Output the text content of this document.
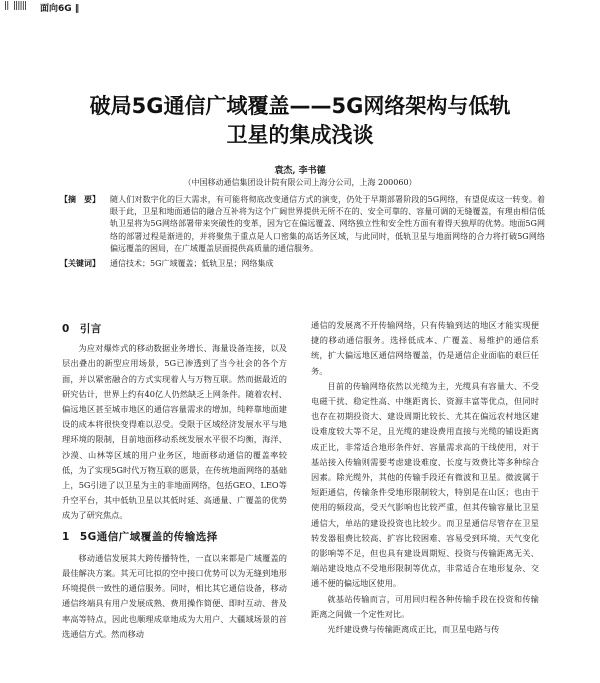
‖ ‖‖‖ 面向6G ‖
破局5G通信广域覆盖——5G网络架构与低轨
卫星的集成浅谈
袁杰, 李书德
（中国移动通信集团设计院有限公司上海分公司，上海 200060）
【摘　要】	随人们对数字化的巨大需求，有可能将彻底改变通信方式的演变，仍处于早期部署阶段的5G网络，有望促成这一转变。着眼于此，卫星和地面通信的融合互补将为这个广阔世界提供无所不在的、安全可靠的、容量可调的无缝覆盖，有理由相信低轨卫星将为5G网络部署带来突破性的变革，因为它在偏远覆盖、网络独立性和安全性方面有着得天独厚的优势。地面5G网络的部署过程是渐进的，并将聚焦于重点是人口密集的高话务区域，与此同时，低轨卫星与地面网络的合力将打破5G网络偏远覆盖的困局，在广域覆盖层面提供高质量的通信服务。
【关键词】	通信技术；5G广域覆盖；低轨卫星；网络集成
0 引言

为应对爆炸式的移动数据业务增长、海量设备连接，以及层出叠出的新型应用场景，5G已渗透到了当今社会的各个方面，并以紧密融合的方式实现着人与万物互联。然而据最近的研究估计，世界上约有40亿人仍然缺乏上网条件。随着农村、偏远地区甚至城市地区的通信容量需求的增加，纯粹靠地面建设的成本将很快变得难以忍受。受限于区域经济发展水平与地理环境的限制，目前地面移动系统发展水平很不均衡，海洋、沙漠、山林等区域的用户业务区，地面移动通信的覆盖率较低，为了实现5G时代万物互联的愿景，在传统地面网络的基础上，5G引进了以卫星为主的非地面网络，包括GEO、LEO等升空平台，其中低轨卫星以其低时延、高通量、广覆盖的优势成为了研究焦点。

1 5G通信广域覆盖的传输选择

移动通信发展其大跨传播特性，一直以来都是广域覆盖的最佳解决方案。其无可比拟的空中接口优势可以为无缝到地形环境提供一致性的通信服务。同时，相比其它通信设备，移动通信终端具有用户发展成熟、费用操作简便、即时互动、普及率高等特点，因此也顺理成章地成为大用户、大疆域场景的首选通信方式。然而移动

通信的发展离不开传输网络，只有传输到达的地区才能实现便捷的移动通信服务。选择低成本、广覆盖、易维护的通信系统，扩大偏远地区通信网络覆盖，仍是通信企业面临的艰巨任务。

目前的传输网络依然以光缆为主，光缆具有容量大、不受电磁干扰、稳定性高、中继距离长、资源丰富等优点，但同时也存在初期投资大、建设周期比较长、尤其在偏远农村地区建设难度较大等不足，且光缆的建设费用直接与光缆的铺设距离成正比，非常适合地形条件好、容量需求高的干线使用，对于基站接入传输则需要考虑建设难度、长度与效费比等多种综合因素。除光缆外，其他的传输手段还有微波和卫星。微波属于短距通信，传输条件受地形限制较大，特别是在山区；也由于使用的频段高，受天气影响也比较严重，但其传输容量比卫星通信大，单站的建设投资也比较少。而卫星通信尽管存在卫星转发器租费比较高、扩容比较困难、容易受到环境、天气变化的影响等不足，但也具有建设周期短、投资与传输距离无关、端站建设地点不受地形限制等优点，非常适合在地形复杂、交通不便的偏远地区使用。

就基站传输而言，可用回归程各种传输手段在投资和传输距离之间做一个定性对比。

光纤建设费与传输距离成正比，而卫星电路与传
